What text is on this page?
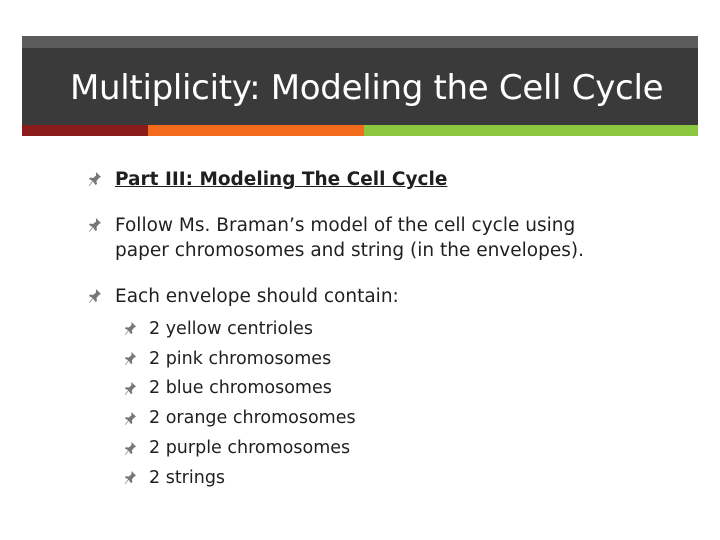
Multiplicity: Modeling the Cell Cycle
Part III: Modeling The Cell Cycle
Follow Ms. Braman’s model of the cell cycle using
paper chromosomes and string (in the envelopes).
Each envelope should contain:
2 yellow centrioles
2 pink chromosomes
2 blue chromosomes
2 orange chromosomes
2 purple chromosomes
2 strings
